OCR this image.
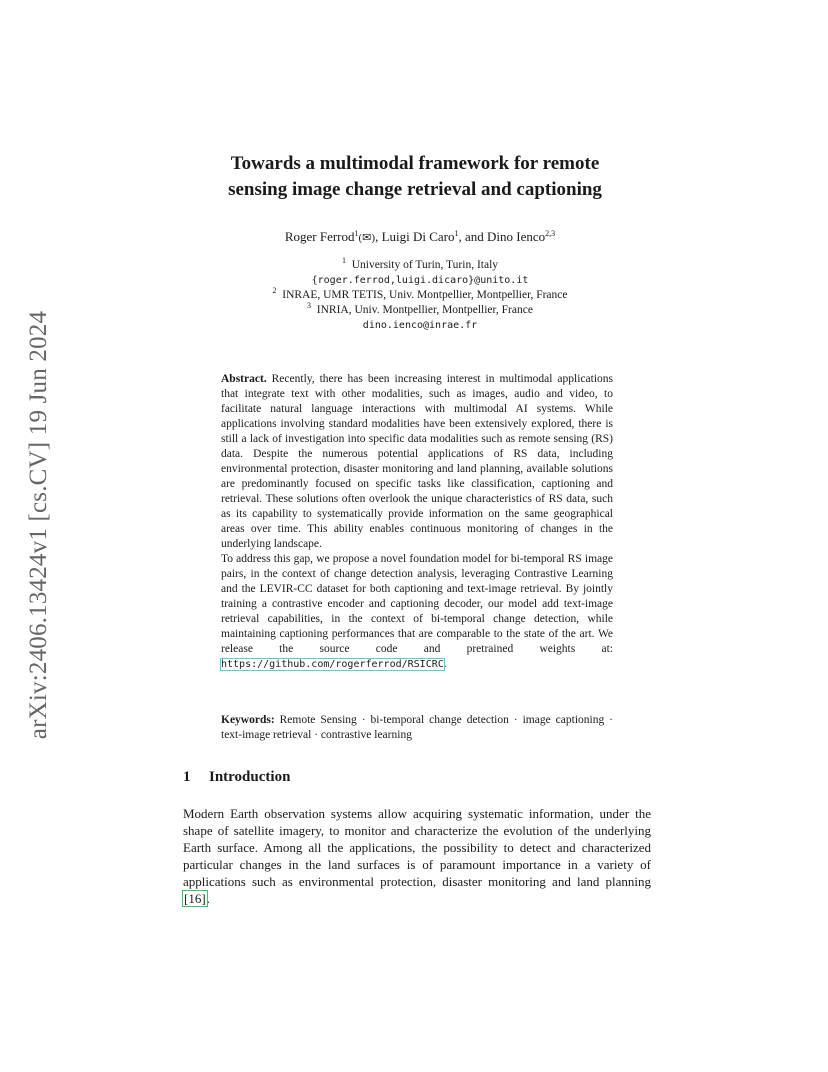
arXiv:2406.13424v1 [cs.CV] 19 Jun 2024
Towards a multimodal framework for remote
sensing image change retrieval and captioning
Roger Ferrod$^1$(✉), Luigi Di Caro$^1$, and Dino Ienco$^{2,3}$
$^1$ University of Turin, Turin, Italy
{roger.ferrod,luigi.dicaro}@unito.it
$^2$ INRAE, UMR TETIS, Univ. Montpellier, Montpellier, France
$^3$ INRIA, Univ. Montpellier, Montpellier, France
dino.ienco@inrae.fr

Abstract. Recently, there has been increasing interest in multimodal applications that integrate text with other modalities, such as images, audio and video, to facilitate natural language interactions with multimodal AI systems. While applications involving standard modalities have been extensively explored, there is still a lack of investigation into specific data modalities such as remote sensing (RS) data. Despite the numerous potential applications of RS data, including environmental protection, disaster monitoring and land planning, available solutions are predominantly focused on specific tasks like classification, captioning and retrieval. These solutions often overlook the unique characteristics of RS data, such as its capability to systematically provide information on the same geographical areas over time. This ability enables continuous monitoring of changes in the underlying landscape.

To address this gap, we propose a novel foundation model for bi-temporal RS image pairs, in the context of change detection analysis, leveraging Contrastive Learning and the LEVIR-CC dataset for both captioning and text-image retrieval. By jointly training a contrastive encoder and captioning decoder, our model add text-image retrieval capabilities, in the context of bi-temporal change detection, while maintaining captioning performances that are comparable to the state of the art. We release the source code and pretrained weights at: https://github.com/rogerferrod/RSICRC.

Keywords: Remote Sensing · bi-temporal change detection · image captioning · text-image retrieval · contrastive learning
1 Introduction

Modern Earth observation systems allow acquiring systematic information, under the shape of satellite imagery, to monitor and characterize the evolution of the underlying Earth surface. Among all the applications, the possibility to detect and characterized particular changes in the land surfaces is of paramount importance in a variety of applications such as environmental protection, disaster monitoring and land planning [16].
